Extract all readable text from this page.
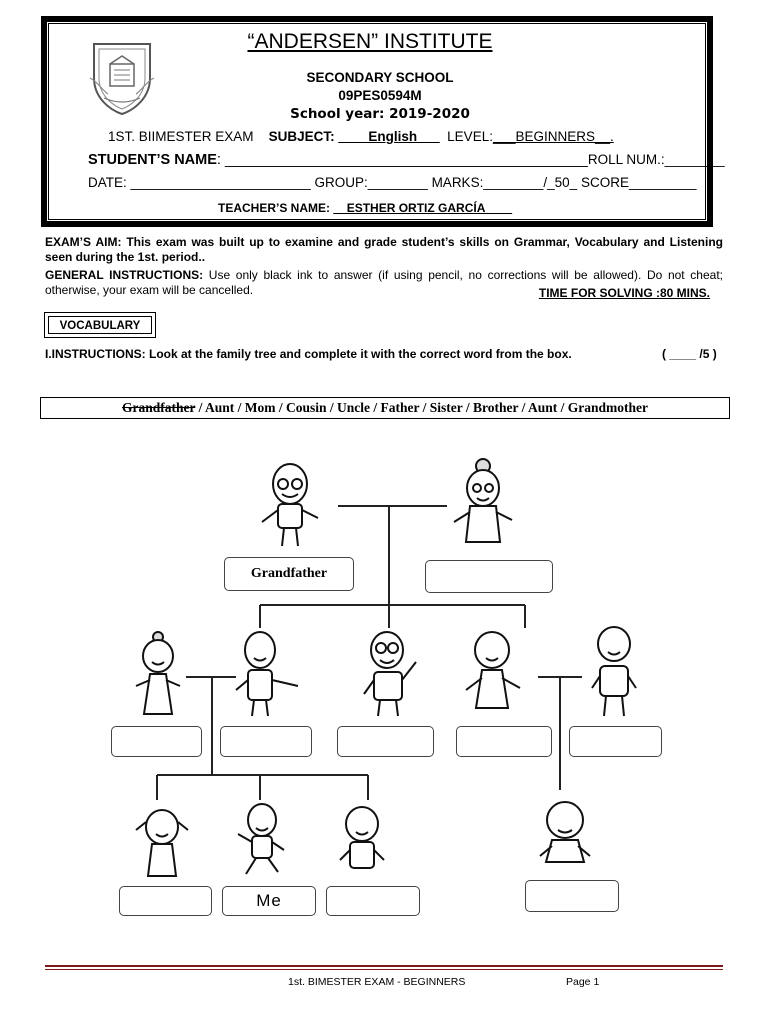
“ANDERSEN” INSTITUTE
SECONDARY SCHOOL
09PES0594M
School year: 2019-2020
1ST. BIIMESTER EXAM SUBJECT: ____English___ LEVEL:___BEGINNERS__.
STUDENT’S NAME: _____________________________________________ROLL NUM.:________
DATE: ________________________ GROUP:________ MARKS:________/_50_ SCORE_________
TEACHER’S NAME: __ESTHER ORTIZ GARCÍA____
EXAM’S AIM: This exam was built up to examine and grade student’s skills on Grammar, Vocabulary and Listening seen during the 1st. period..
GENERAL INSTRUCTIONS: Use only black ink to answer (if using pencil, no corrections will be allowed). Do not cheat; otherwise, your exam will be cancelled.	TIME FOR SOLVING :80 MINS.
VOCABULARY
I.INSTRUCTIONS: Look at the family tree and complete it with the correct word from the box.	( ____ /5 )
Grandfather / Aunt / Mom / Cousin / Uncle / Father / Sister / Brother / Aunt / Grandmother
Grandfather
Me
1st. BIMESTER EXAM - BEGINNERS	Page 1
